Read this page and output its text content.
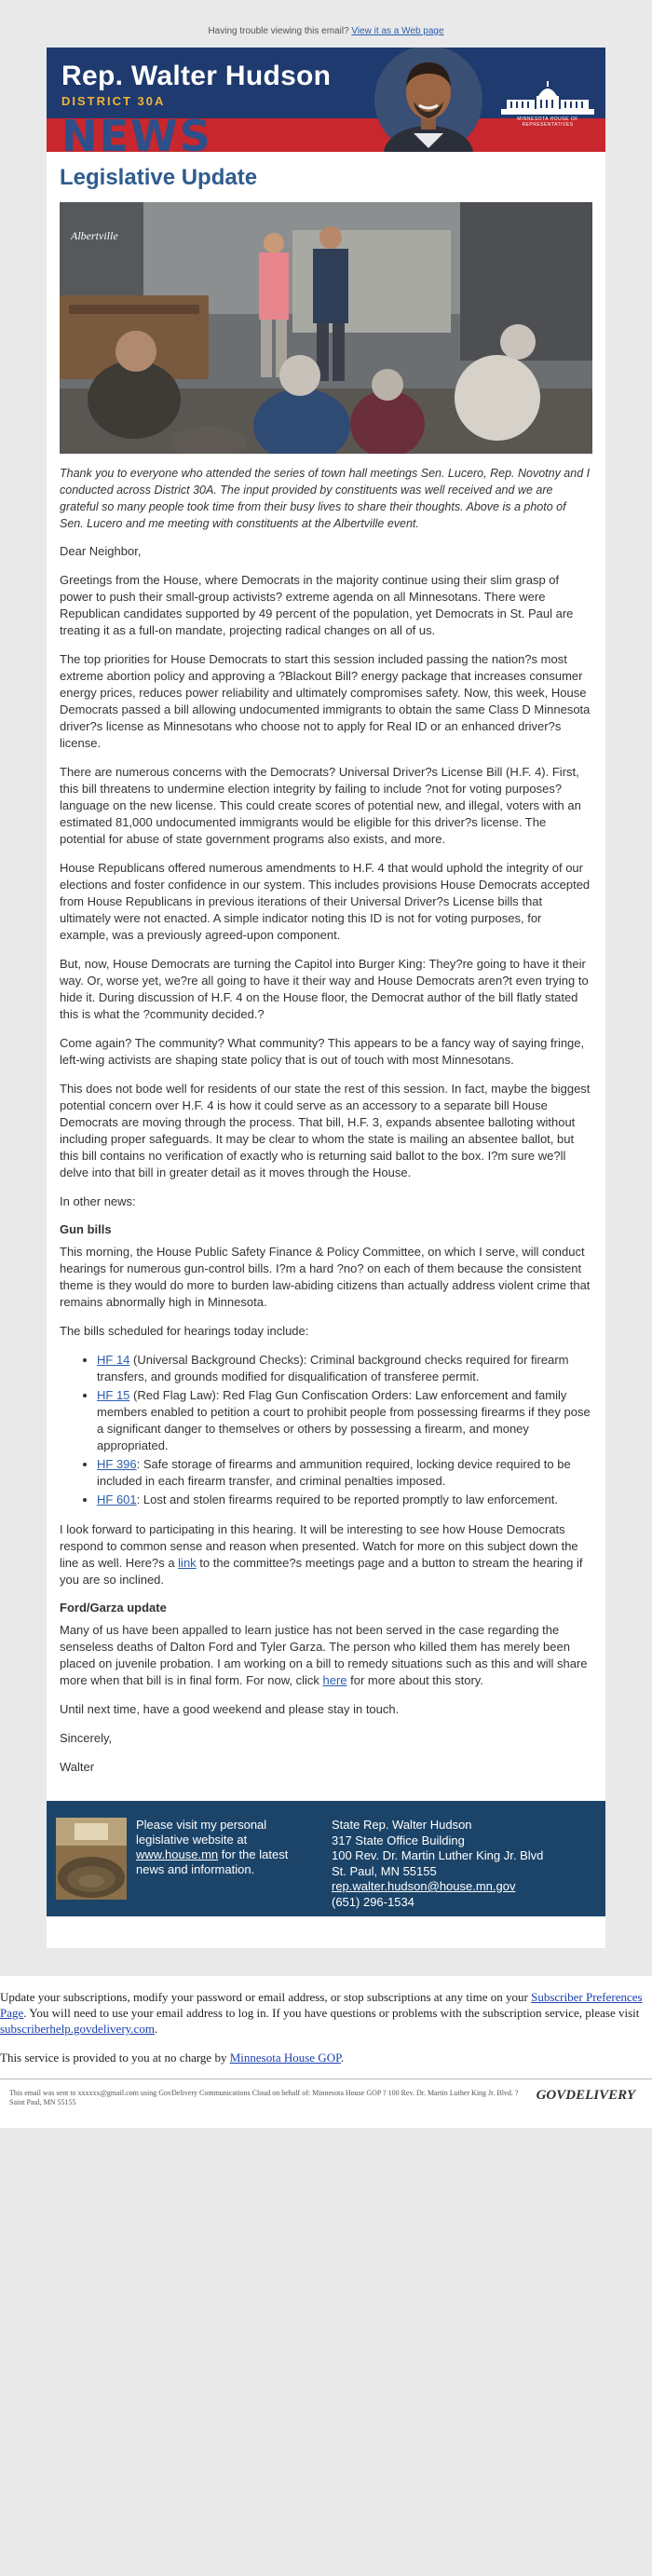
Having trouble viewing this email? View it as a Web page
NEWS
Rep. Walter Hudson
DISTRICT 30A
MINNESOTA HOUSE OF REPRESENTATIVES
Legislative Update
Albertville
Thank you to everyone who attended the series of town hall meetings Sen. Lucero, Rep. Novotny and I conducted across District 30A. The input provided by constituents was well received and we are grateful so many people took time from their busy lives to share their thoughts. Above is a photo of Sen. Lucero and me meeting with constituents at the Albertville event.

Dear Neighbor,

Greetings from the House, where Democrats in the majority continue using their slim grasp of power to push their small-group activists? extreme agenda on all Minnesotans. There were Republican candidates supported by 49 percent of the population, yet Democrats in St. Paul are treating it as a full-on mandate, projecting radical changes on all of us.

The top priorities for House Democrats to start this session included passing the nation?s most extreme abortion policy and approving a ?Blackout Bill? energy package that increases consumer energy prices, reduces power reliability and ultimately compromises safety. Now, this week, House Democrats passed a bill allowing undocumented immigrants to obtain the same Class D Minnesota driver?s license as Minnesotans who choose not to apply for Real ID or an enhanced driver?s license.

There are numerous concerns with the Democrats? Universal Driver?s License Bill (H.F. 4). First, this bill threatens to undermine election integrity by failing to include ?not for voting purposes? language on the new license. This could create scores of potential new, and illegal, voters with an estimated 81,000 undocumented immigrants would be eligible for this driver?s license. The potential for abuse of state government programs also exists, and more.

House Republicans offered numerous amendments to H.F. 4 that would uphold the integrity of our elections and foster confidence in our system. This includes provisions House Democrats accepted from House Republicans in previous iterations of their Universal Driver?s License bills that ultimately were not enacted. A simple indicator noting this ID is not for voting purposes, for example, was a previously agreed-upon component.

But, now, House Democrats are turning the Capitol into Burger King: They?re going to have it their way. Or, worse yet, we?re all going to have it their way and House Democrats aren?t even trying to hide it. During discussion of H.F. 4 on the House floor, the Democrat author of the bill flatly stated this is what the ?community decided.?

Come again? The community? What community? This appears to be a fancy way of saying fringe, left-wing activists are shaping state policy that is out of touch with most Minnesotans.

This does not bode well for residents of our state the rest of this session. In fact, maybe the biggest potential concern over H.F. 4 is how it could serve as an accessory to a separate bill House Democrats are moving through the process. That bill, H.F. 3, expands absentee balloting without including proper safeguards. It may be clear to whom the state is mailing an absentee ballot, but this bill contains no verification of exactly who is returning said ballot to the box. I?m sure we?ll delve into that bill in greater detail as it moves through the House.

In other news:

Gun bills

This morning, the House Public Safety Finance & Policy Committee, on which I serve, will conduct hearings for numerous gun-control bills. I?m a hard ?no? on each of them because the consistent theme is they would do more to burden law-abiding citizens than actually address violent crime that remains abnormally high in Minnesota.

The bills scheduled for hearings today include:

• HF 14 (Universal Background Checks): Criminal background checks required for firearm transfers, and grounds modified for disqualification of transferee permit.
• HF 15 (Red Flag Law): Red Flag Gun Confiscation Orders: Law enforcement and family members enabled to petition a court to prohibit people from possessing firearms if they pose a significant danger to themselves or others by possessing a firearm, and money appropriated.
• HF 396: Safe storage of firearms and ammunition required, locking device required to be included in each firearm transfer, and criminal penalties imposed.
• HF 601: Lost and stolen firearms required to be reported promptly to law enforcement.

I look forward to participating in this hearing. It will be interesting to see how House Democrats respond to common sense and reason when presented. Watch for more on this subject down the line as well. Here?s a link to the committee?s meetings page and a button to stream the hearing if you are so inclined.

Ford/Garza update

Many of us have been appalled to learn justice has not been served in the case regarding the senseless deaths of Dalton Ford and Tyler Garza. The person who killed them has merely been placed on juvenile probation. I am working on a bill to remedy situations such as this and will share more when that bill is in final form. For now, click here for more about this story.

Until next time, have a good weekend and please stay in touch.

Sincerely,

Walter

Please visit my personal legislative website at www.house.mn for the latest news and information.
State Rep. Walter Hudson
317 State Office Building
100 Rev. Dr. Martin Luther King Jr. Blvd
St. Paul, MN 55155
rep.walter.hudson@house.mn.gov
(651) 296-1534

Update your subscriptions, modify your password or email address, or stop subscriptions at any time on your Subscriber Preferences Page. You will need to use your email address to log in. If you have questions or problems with the subscription service, please visit subscriberhelp.govdelivery.com.

This service is provided to you at no charge by Minnesota House GOP.

This email was sent to xxxxxx@gmail.com using GovDelivery Communications Cloud on behalf of: Minnesota House GOP ? 100 Rev. Dr. Martin Luther King Jr. Blvd. ? Saint Paul, MN 55155	GOVDELIVERY
